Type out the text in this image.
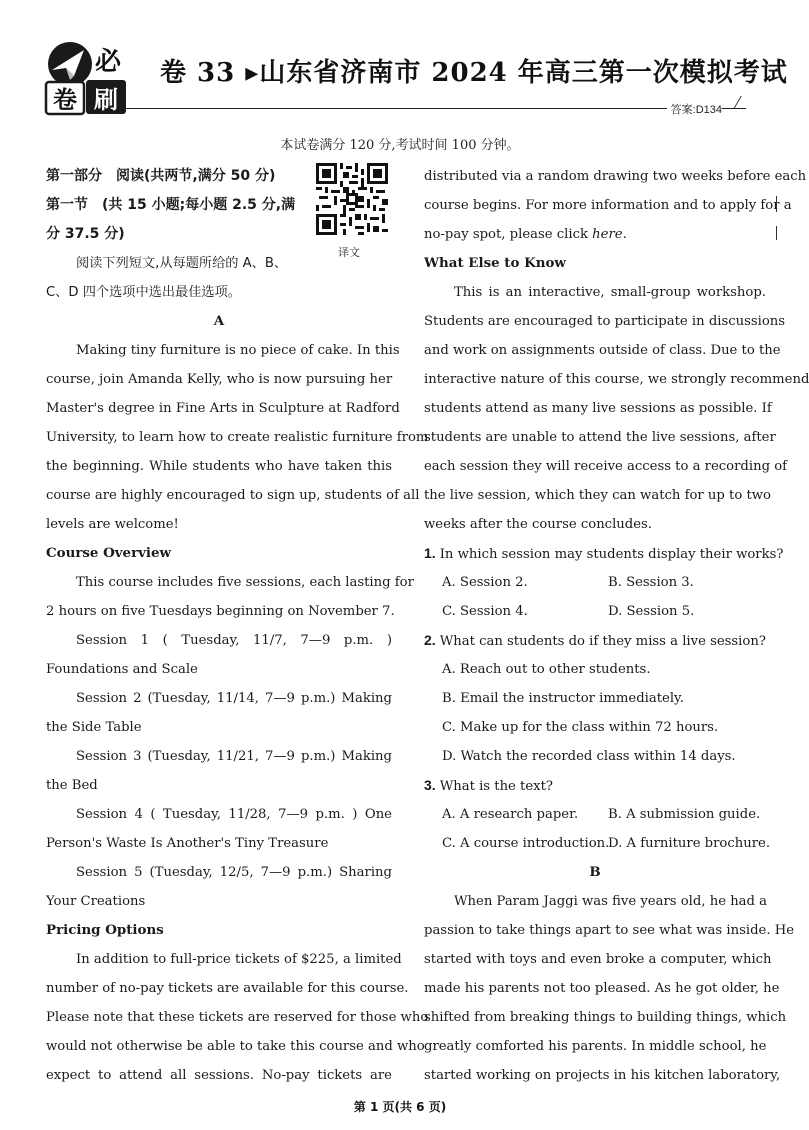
必
卷 刷
卷 33 ▸山东省济南市 2024 年高三第一次模拟考试
答案:D134
本试卷满分 120 分,考试时间 100 分钟。
译文
第一部分　阅读(共两节,满分 50 分)
第一节　(共 15 小题;每小题 2.5 分,满
分 37.5 分)
阅读下列短文,从每题所给的 A、B、
C、D 四个选项中选出最佳选项。
A
Making tiny furniture is no piece of cake. In this
course, join Amanda Kelly, who is now pursuing her
Master's degree in Fine Arts in Sculpture at Radford
University, to learn how to create realistic furniture from
the beginning. While students who have taken this
course are highly encouraged to sign up, students of all
levels are welcome!
Course Overview
This course includes five sessions, each lasting for
2 hours on five Tuesdays beginning on November 7.
Session 1 ( Tuesday, 11/7, 7—9 p.m. )
Foundations and Scale
Session 2 (Tuesday, 11/14, 7—9 p.m.) Making
the Side Table
Session 3 (Tuesday, 11/21, 7—9 p.m.) Making
the Bed
Session 4 ( Tuesday, 11/28, 7—9 p.m. ) One
Person's Waste Is Another's Tiny Treasure
Session 5 (Tuesday, 12/5, 7—9 p.m.) Sharing
Your Creations
Pricing Options
In addition to full-price tickets of $225, a limited
number of no-pay tickets are available for this course.
Please note that these tickets are reserved for those who
would not otherwise be able to take this course and who
expect to attend all sessions. No-pay tickets are
distributed via a random drawing two weeks before each
course begins. For more information and to apply for a
no-pay spot, please click here.
What Else to Know
This is an interactive, small-group workshop.
Students are encouraged to participate in discussions
and work on assignments outside of class. Due to the
interactive nature of this course, we strongly recommend
students attend as many live sessions as possible. If
students are unable to attend the live sessions, after
each session they will receive access to a recording of
the live session, which they can watch for up to two
weeks after the course concludes.
1. In which session may students display their works?
A. Session 2.	B. Session 3.
C. Session 4.	D. Session 5.
2. What can students do if they miss a live session?
A. Reach out to other students.
B. Email the instructor immediately.
C. Make up for the class within 72 hours.
D. Watch the recorded class within 14 days.
3. What is the text?
A. A research paper. B. A submission guide.
C. A course introduction.
D. A furniture brochure.
B
When Param Jaggi was five years old, he had a
passion to take things apart to see what was inside. He
started with toys and even broke a computer, which
made his parents not too pleased. As he got older, he
shifted from breaking things to building things, which
greatly comforted his parents. In middle school, he
started working on projects in his kitchen laboratory,
第 1 页(共 6 页)
